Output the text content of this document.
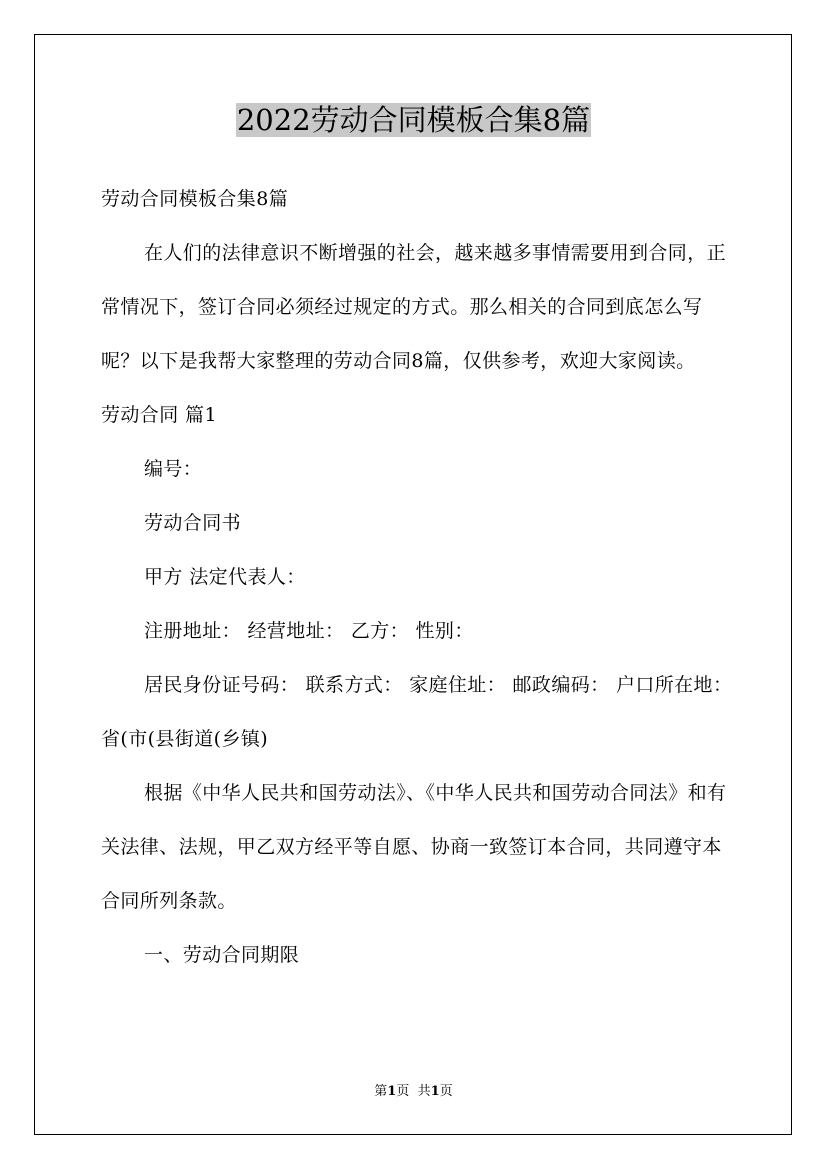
2022劳动合同模板合集8篇

劳动合同模板合集8篇

在人们的法律意识不断增强的社会，越来越多事情需要用到合同，正常情况下，签订合同必须经过规定的方式。那么相关的合同到底怎么写呢？以下是我帮大家整理的劳动合同8篇，仅供参考，欢迎大家阅读。

劳动合同 篇1

编号：

劳动合同书

甲方 法定代表人：

注册地址： 经营地址： 乙方： 性别：

居民身份证号码： 联系方式： 家庭住址： 邮政编码： 户口所在地：省(市(县街道(乡镇)

根据《中华人民共和国劳动法》、《中华人民共和国劳动合同法》和有关法律、法规，甲乙双方经平等自愿、协商一致签订本合同，共同遵守本合同所列条款。

一、劳动合同期限

第1页 共1页
